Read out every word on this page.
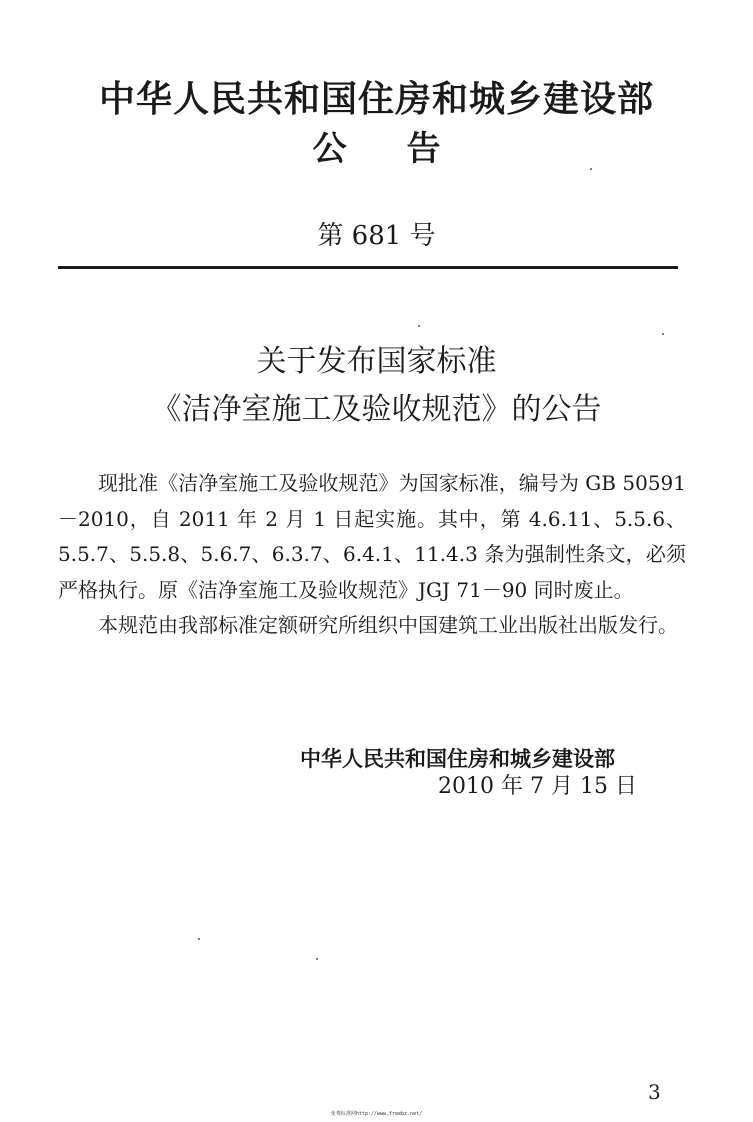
中华人民共和国住房和城乡建设部
公告
第 681 号
关于发布国家标准
《洁净室施工及验收规范》的公告

现批准《洁净室施工及验收规范》为国家标准，编号为 GB 50591－2010，自 2011 年 2 月 1 日起实施。其中，第 4.6.11、5.5.6、5.5.7、5.5.8、5.6.7、6.3.7、6.4.1、11.4.3 条为强制性条文，必须严格执行。原《洁净室施工及验收规范》JGJ 71－90 同时废止。

本规范由我部标准定额研究所组织中国建筑工业出版社出版发行。

中华人民共和国住房和城乡建设部
2010 年 7 月 15 日
3
免费标准网http://www.freebz.net/
